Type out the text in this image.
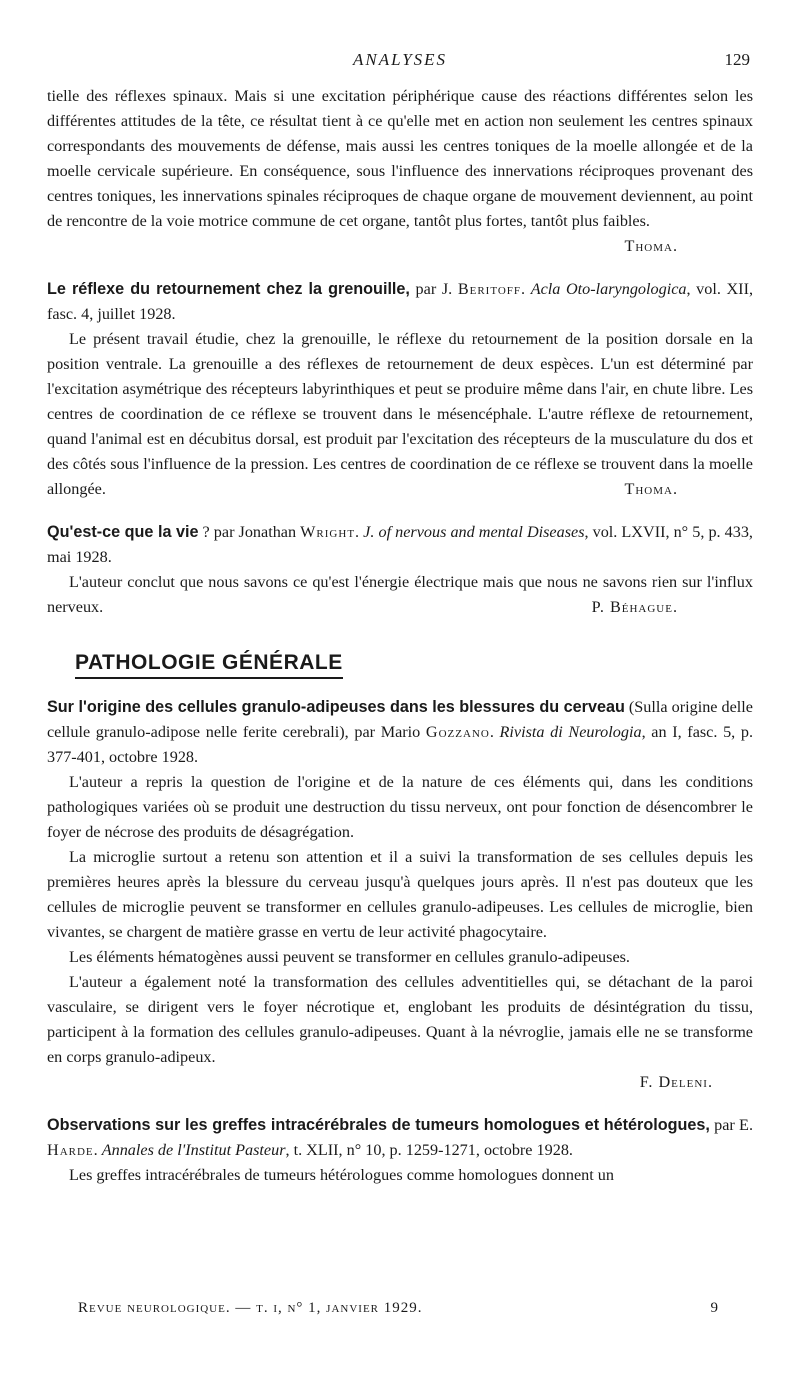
ANALYSES	129

tielle des réflexes spinaux. Mais si une excitation périphérique cause des réactions différentes selon les différentes attitudes de la tête, ce résultat tient à ce qu'elle met en action non seulement les centres spinaux correspondants des mouvements de défense, mais aussi les centres toniques de la moelle allongée et de la moelle cervicale supérieure. En conséquence, sous l'influence des innervations réciproques provenant des centres toniques, les innervations spinales réciproques de chaque organe de mouvement deviennent, au point de rencontre de la voie motrice commune de cet organe, tantôt plus fortes, tantôt plus faibles.
Thoma.

Le réflexe du retournement chez la grenouille, par J. Beritoff. Acla Oto-laryngologica, vol. XII, fasc. 4, juillet 1928.

Le présent travail étudie, chez la grenouille, le réflexe du retournement de la position dorsale en la position ventrale. La grenouille a des réflexes de retournement de deux espèces. L'un est déterminé par l'excitation asymétrique des récepteurs labyrinthiques et peut se produire même dans l'air, en chute libre. Les centres de coordination de ce réflexe se trouvent dans le mésencéphale. L'autre réflexe de retournement, quand l'animal est en décubitus dorsal, est produit par l'excitation des récepteurs de la musculature du dos et des côtés sous l'influence de la pression. Les centres de coordination de ce réflexe se trouvent dans la moelle allongée.	Thoma.

Qu'est-ce que la vie ? par Jonathan Wright. J. of nervous and mental Diseases, vol. LXVII, n° 5, p. 433, mai 1928.

L'auteur conclut que nous savons ce qu'est l'énergie électrique mais que nous ne savons rien sur l'influx nerveux.	P. Béhague.

PATHOLOGIE GÉNÉRALE

Sur l'origine des cellules granulo-adipeuses dans les blessures du cerveau (Sulla origine delle cellule granulo-adipose nelle ferite cerebrali), par Mario Gozzano. Rivista di Neurologia, an I, fasc. 5, p. 377-401, octobre 1928.

L'auteur a repris la question de l'origine et de la nature de ces éléments qui, dans les conditions pathologiques variées où se produit une destruction du tissu nerveux, ont pour fonction de désencombrer le foyer de nécrose des produits de désagrégation.

La microglie surtout a retenu son attention et il a suivi la transformation de ses cellules depuis les premières heures après la blessure du cerveau jusqu'à quelques jours après. Il n'est pas douteux que les cellules de microglie peuvent se transformer en cellules granulo-adipeuses. Les cellules de microglie, bien vivantes, se chargent de matière grasse en vertu de leur activité phagocytaire.

Les éléments hématogènes aussi peuvent se transformer en cellules granulo-adipeuses.

L'auteur a également noté la transformation des cellules adventitielles qui, se détachant de la paroi vasculaire, se dirigent vers le foyer nécrotique et, englobant les produits de désintégration du tissu, participent à la formation des cellules granulo-adipeuses. Quant à la névroglie, jamais elle ne se transforme en corps granulo-adipeux.

F. Deleni.

Observations sur les greffes intracérébrales de tumeurs homologues et hétérologues, par E. Harde. Annales de l'Institut Pasteur, t. XLII, n° 10, p. 1259-1271, octobre 1928.

Les greffes intracérébrales de tumeurs hétérologues comme homologues donnent un

Revue neurologique. — t. i, n° 1, janvier 1929.	9
